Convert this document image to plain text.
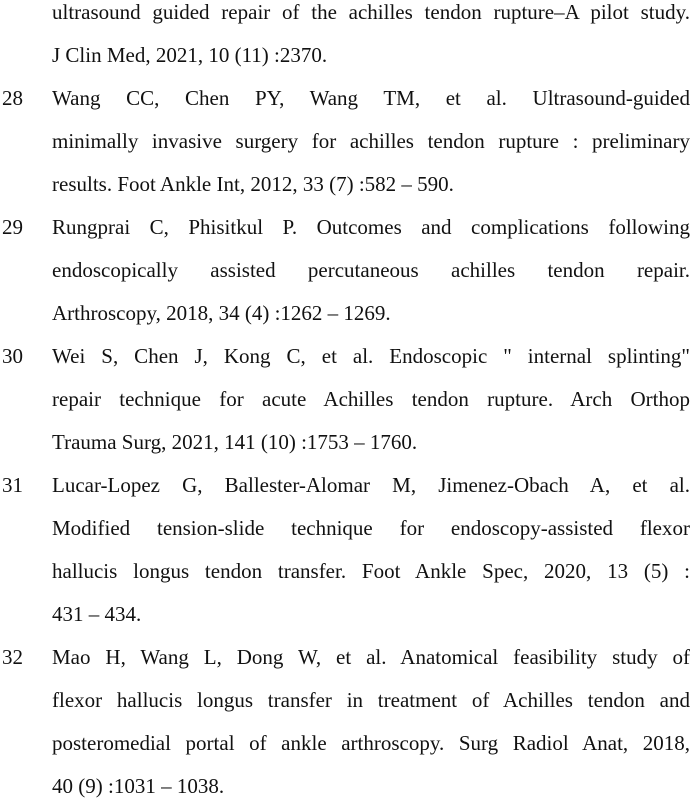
ultrasound guided repair of the achilles tendon rupture–A pilot study.
J Clin Med, 2021, 10 (11) :2370.
28 Wang CC, Chen PY, Wang TM, et al. Ultrasound-guided
minimally invasive surgery for achilles tendon rupture : preliminary
results. Foot Ankle Int, 2012, 33 (7) :582 – 590.
29 Rungprai C, Phisitkul P. Outcomes and complications following
endoscopically assisted percutaneous achilles tendon repair.
Arthroscopy, 2018, 34 (4) :1262 – 1269.
30 Wei S, Chen J, Kong C, et al. Endoscopic " internal splinting"
repair technique for acute Achilles tendon rupture. Arch Orthop
Trauma Surg, 2021, 141 (10) :1753 – 1760.
31 Lucar-Lopez G, Ballester-Alomar M, Jimenez-Obach A, et al.
Modified tension-slide technique for endoscopy-assisted flexor
hallucis longus tendon transfer. Foot Ankle Spec, 2020, 13 (5) :
431 – 434.
32 Mao H, Wang L, Dong W, et al. Anatomical feasibility study of
flexor hallucis longus transfer in treatment of Achilles tendon and
posteromedial portal of ankle arthroscopy. Surg Radiol Anat, 2018,
40 (9) :1031 – 1038.
